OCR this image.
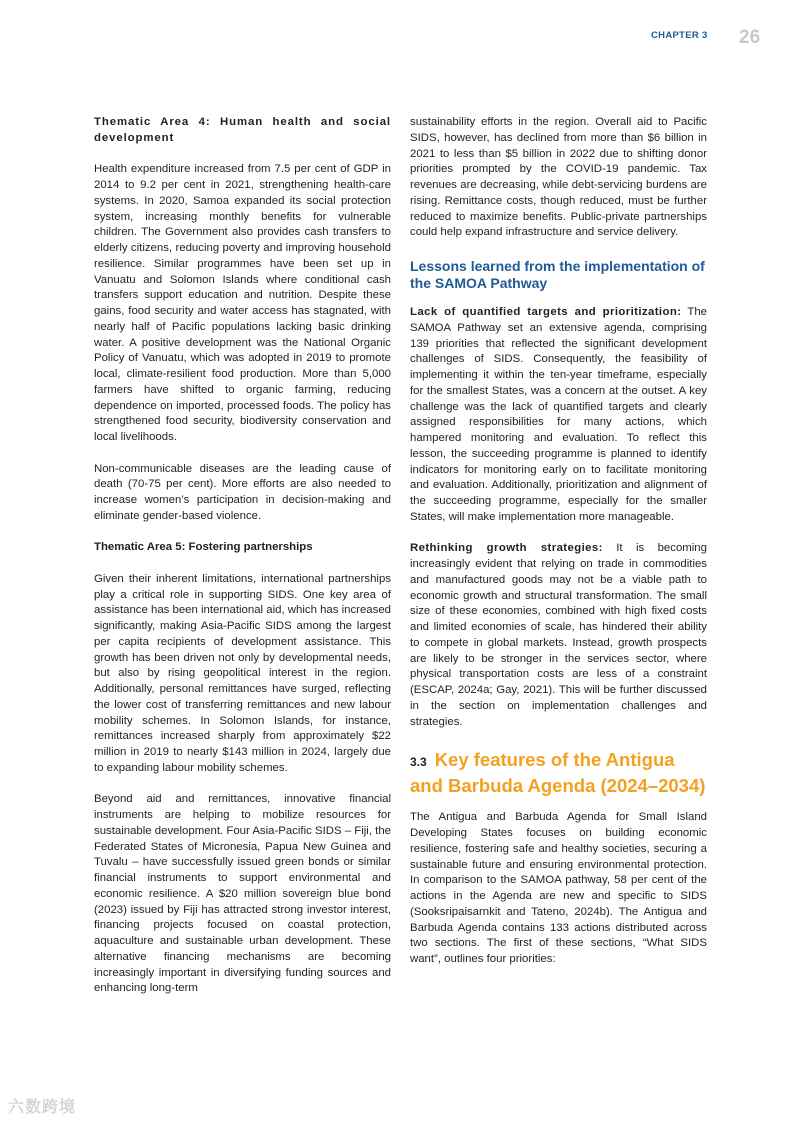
CHAPTER 3 26
Thematic Area 4: Human health and social development

Health expenditure increased from 7.5 per cent of GDP in 2014 to 9.2 per cent in 2021, strengthening health-care systems. In 2020, Samoa expanded its social protection system, increasing monthly benefits for vulnerable children. The Government also provides cash transfers to elderly citizens, reducing poverty and improving household resilience. Similar programmes have been set up in Vanuatu and Solomon Islands where conditional cash transfers support education and nutrition. Despite these gains, food security and water access has stagnated, with nearly half of Pacific populations lacking basic drinking water. A positive development was the National Organic Policy of Vanuatu, which was adopted in 2019 to promote local, climate-resilient food production. More than 5,000 farmers have shifted to organic farming, reducing dependence on imported, processed foods. The policy has strengthened food security, biodiversity conservation and local livelihoods.

Non-communicable diseases are the leading cause of death (70-75 per cent). More efforts are also needed to increase women’s participation in decision-making and eliminate gender-based violence.

Thematic Area 5: Fostering partnerships

Given their inherent limitations, international partnerships play a critical role in supporting SIDS. One key area of assistance has been international aid, which has increased significantly, making Asia-Pacific SIDS among the largest per capita recipients of development assistance. This growth has been driven not only by developmental needs, but also by rising geopolitical interest in the region. Additionally, personal remittances have surged, reflecting the lower cost of transferring remittances and new labour mobility schemes. In Solomon Islands, for instance, remittances increased sharply from approximately $22 million in 2019 to nearly $143 million in 2024, largely due to expanding labour mobility schemes.

Beyond aid and remittances, innovative financial instruments are helping to mobilize resources for sustainable development. Four Asia-Pacific SIDS – Fiji, the Federated States of Micronesia, Papua New Guinea and Tuvalu – have successfully issued green bonds or similar financial instruments to support environmental and economic resilience. A $20 million sovereign blue bond (2023) issued by Fiji has attracted strong investor interest, financing projects focused on coastal protection, aquaculture and sustainable urban development. These alternative financing mechanisms are becoming increasingly important in diversifying funding sources and enhancing long-term

sustainability efforts in the region. Overall aid to Pacific SIDS, however, has declined from more than $6 billion in 2021 to less than $5 billion in 2022 due to shifting donor priorities prompted by the COVID-19 pandemic. Tax revenues are decreasing, while debt-servicing burdens are rising. Remittance costs, though reduced, must be further reduced to maximize benefits. Public-private partnerships could help expand infrastructure and service delivery.

Lessons learned from the implementation of the SAMOA Pathway

Lack of quantified targets and prioritization: The SAMOA Pathway set an extensive agenda, comprising 139 priorities that reflected the significant development challenges of SIDS. Consequently, the feasibility of implementing it within the ten-year timeframe, especially for the smallest States, was a concern at the outset. A key challenge was the lack of quantified targets and clearly assigned responsibilities for many actions, which hampered monitoring and evaluation. To reflect this lesson, the succeeding programme is planned to identify indicators for monitoring early on to facilitate monitoring and evaluation. Additionally, prioritization and alignment of the succeeding programme, especially for the smaller States, will make implementation more manageable.

Rethinking growth strategies: It is becoming increasingly evident that relying on trade in commodities and manufactured goods may not be a viable path to economic growth and structural transformation. The small size of these economies, combined with high fixed costs and limited economies of scale, has hindered their ability to compete in global markets. Instead, growth prospects are likely to be stronger in the services sector, where physical transportation costs are less of a constraint (ESCAP, 2024a; Gay, 2021). This will be further discussed in the section on implementation challenges and strategies.

3.3 Key features of the Antigua and Barbuda Agenda (2024–2034)

The Antigua and Barbuda Agenda for Small Island Developing States focuses on building economic resilience, fostering safe and healthy societies, securing a sustainable future and ensuring environmental protection. In comparison to the SAMOA pathway, 58 per cent of the actions in the Agenda are new and specific to SIDS (Sooksripaisarnkit and Tateno, 2024b). The Antigua and Barbuda Agenda contains 133 actions distributed across two sections. The first of these sections, “What SIDS want”, outlines four priorities:

六数跨境
